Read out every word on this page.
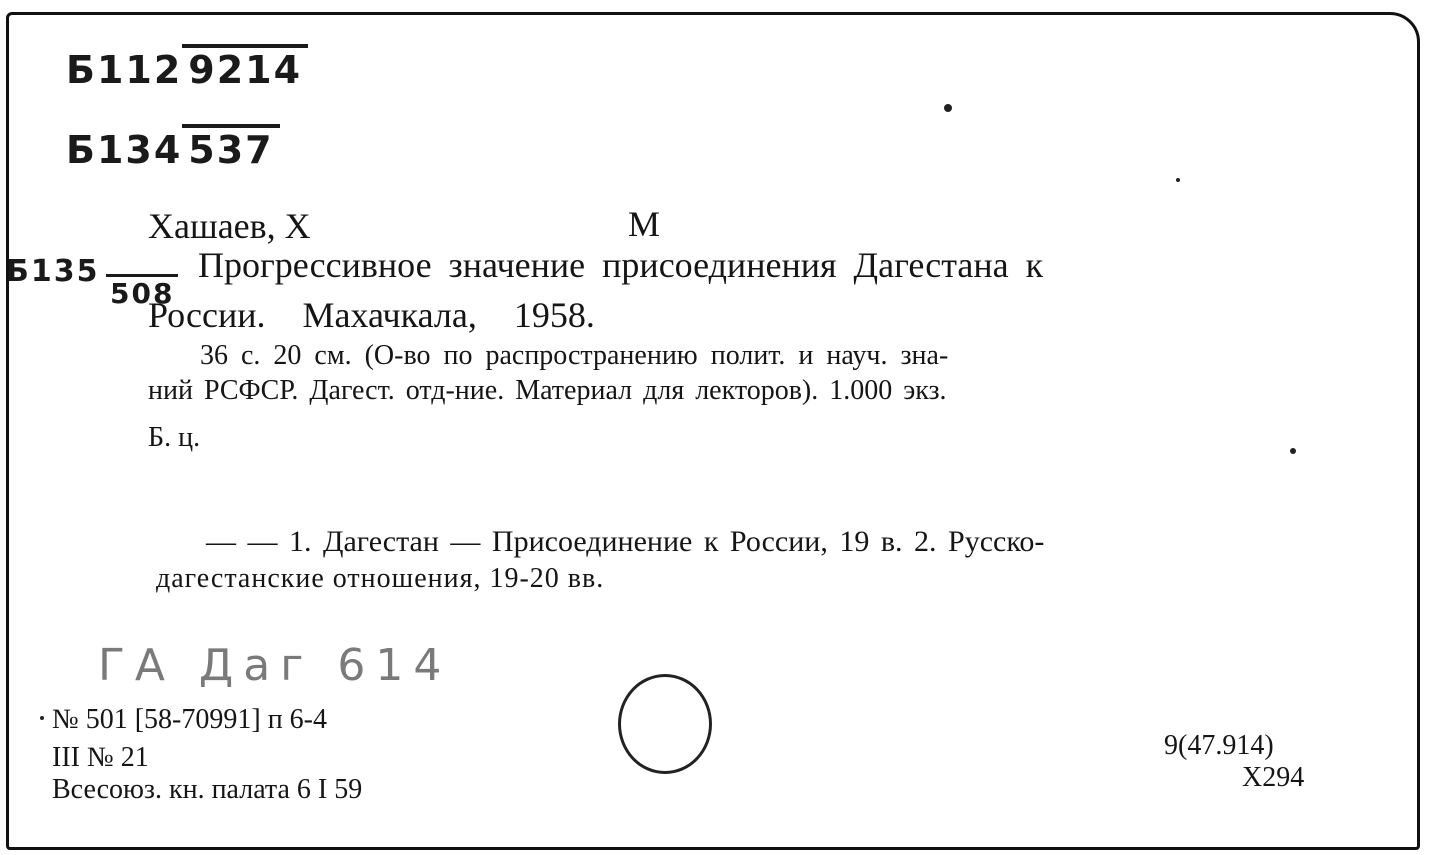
Б112 9214
Б134 537
Б135
508
Хашаев, Х	М
Прогрессивное значение присоединения Дагестана к
России. Махачкала, 1958.
36 с. 20 см. (О-во по распространению полит. и науч. зна-
ний РСФСР. Дагест. отд-ние. Материал для лекторов). 1.000 экз.
Б. ц.
— — 1. Дагестан — Присоединение к России, 19 в. 2. Русско-
дагестанские отношения, 19-20 вв.
ГА Даг 614
№ 501 [58-70991] п 6-4
III № 21
Всесоюз. кн. палата 6 I 59
9(47.914)
Х294
